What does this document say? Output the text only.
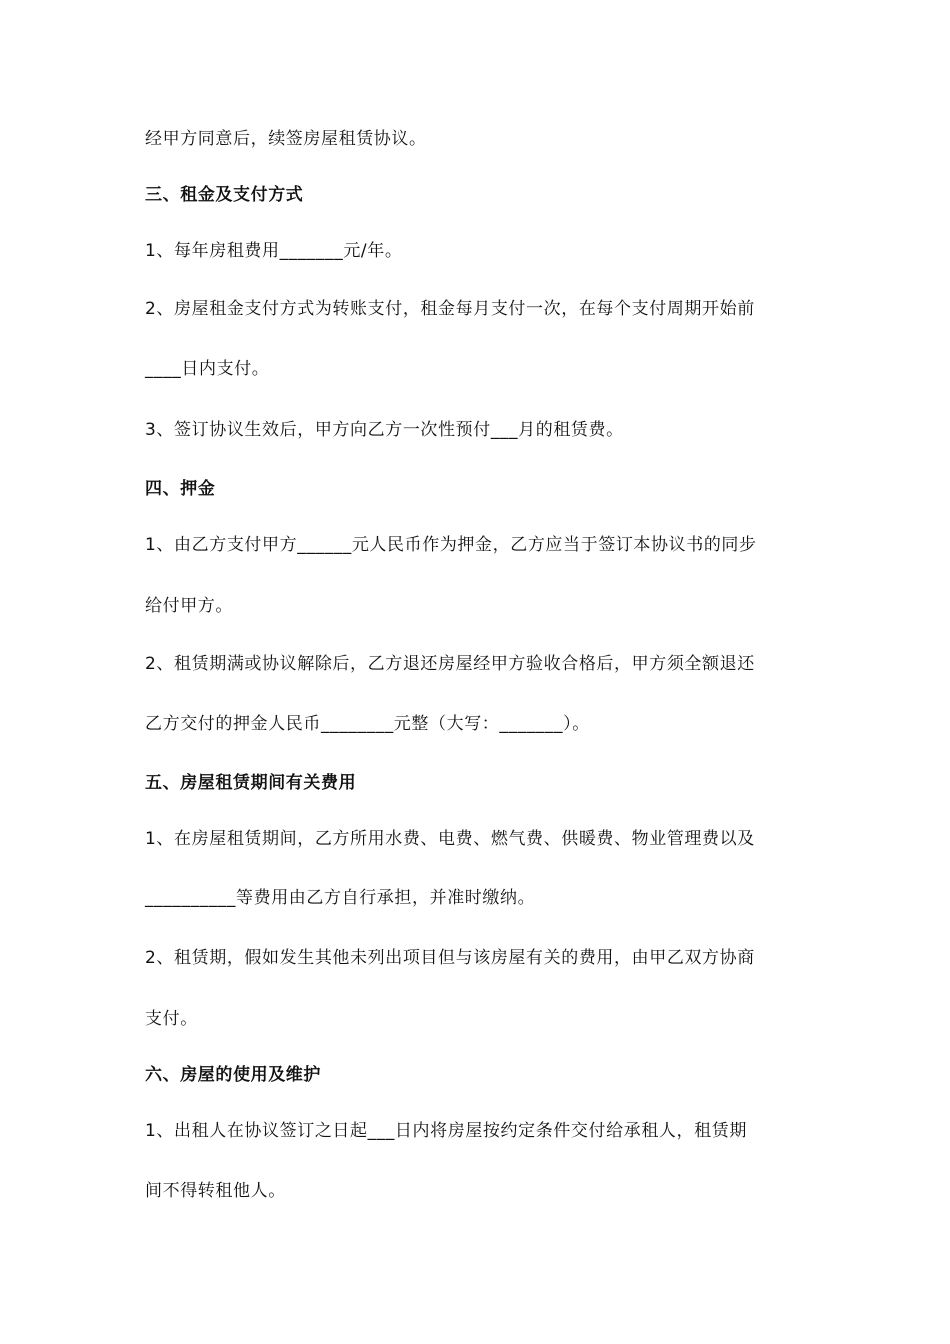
经甲方同意后，续签房屋租赁协议。
三、租金及支付方式
1、每年房租费用_______元/年。
2、房屋租金支付方式为转账支付，租金每月支付一次，在每个支付周期开始前
____日内支付。
3、签订协议生效后，甲方向乙方一次性预付___月的租赁费。
四、押金
1、由乙方支付甲方______元人民币作为押金，乙方应当于签订本协议书的同步
给付甲方。
2、租赁期满或协议解除后，乙方退还房屋经甲方验收合格后，甲方须全额退还
乙方交付的押金人民币________元整（大写：_______）。
五、房屋租赁期间有关费用
1、在房屋租赁期间，乙方所用水费、电费、燃气费、供暖费、物业管理费以及
__________等费用由乙方自行承担，并准时缴纳。
2、租赁期，假如发生其他未列出项目但与该房屋有关的费用，由甲乙双方协商
支付。
六、房屋的使用及维护
1、出租人在协议签订之日起___日内将房屋按约定条件交付给承租人，租赁期
间不得转租他人。
